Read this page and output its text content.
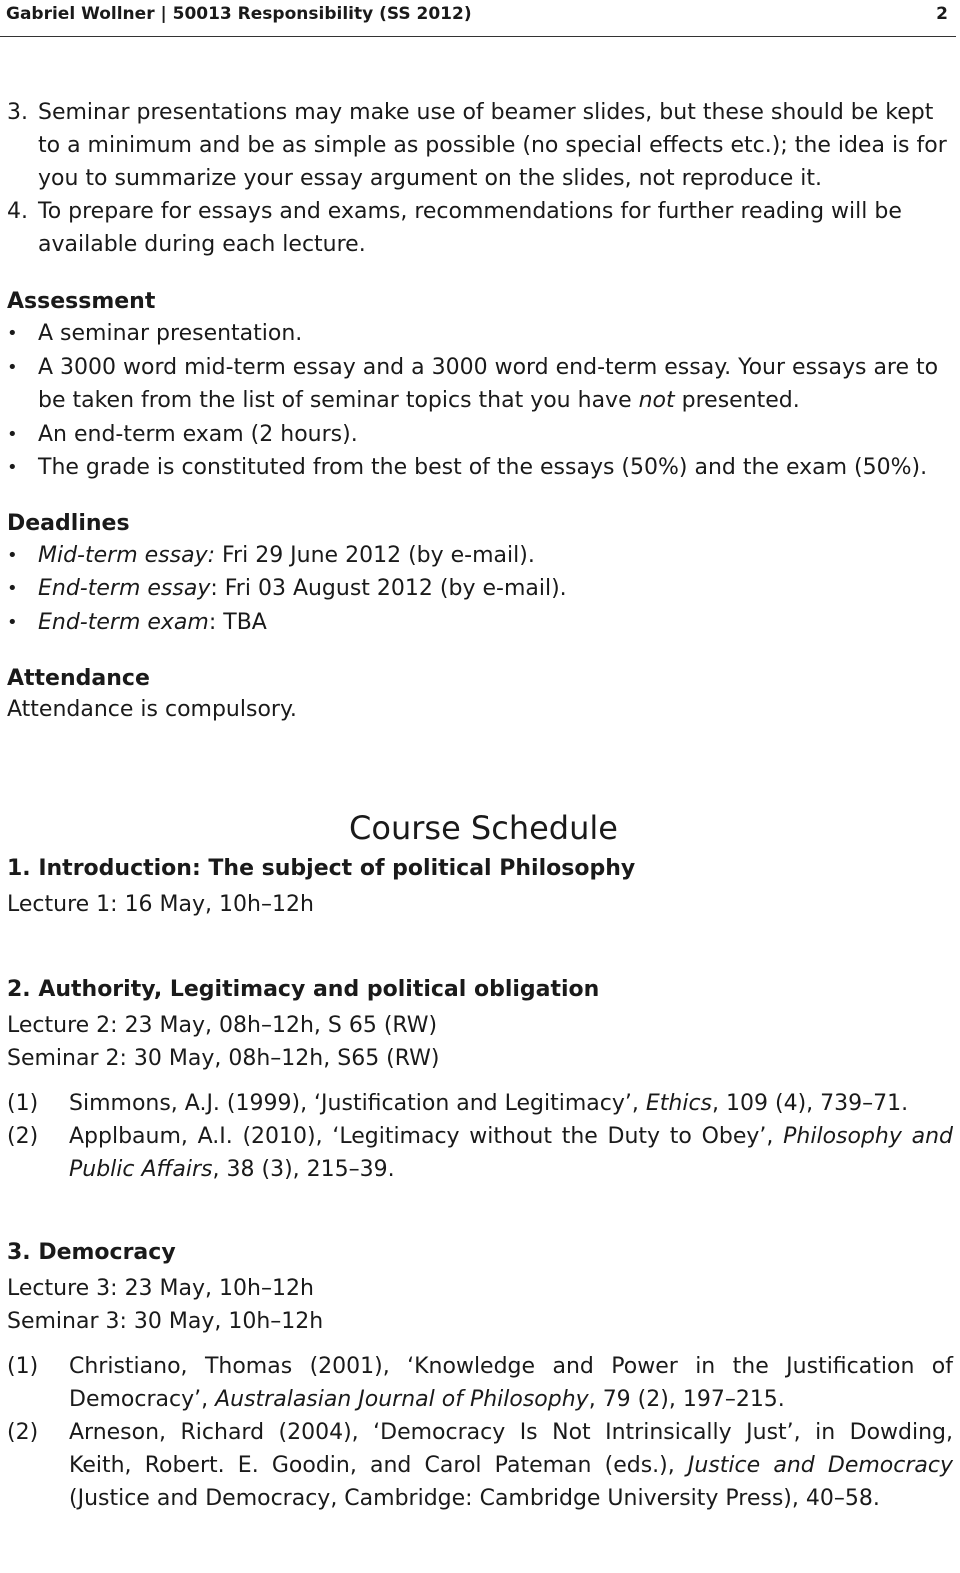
Gabriel Wollner | 50013 Responsibility (SS 2012)	2
3. Seminar presentations may make use of beamer slides, but these should be kept to a minimum and be as simple as possible (no special effects etc.); the idea is for you to summarize your essay argument on the slides, not reproduce it.
4. To prepare for essays and exams, recommendations for further reading will be available during each lecture.
Assessment
• A seminar presentation.
• A 3000 word mid-term essay and a 3000 word end-term essay. Your essays are to be taken from the list of seminar topics that you have not presented.
• An end-term exam (2 hours).
• The grade is constituted from the best of the essays (50%) and the exam (50%).
Deadlines
• Mid-term essay: Fri 29 June 2012 (by e-mail).
• End-term essay: Fri 03 August 2012 (by e-mail).
• End-term exam: TBA
Attendance
Attendance is compulsory.
Course Schedule
1. Introduction: The subject of political Philosophy
Lecture 1: 16 May, 10h–12h
2. Authority, Legitimacy and political obligation
Lecture 2: 23 May, 08h–12h, S 65 (RW)
Seminar 2: 30 May, 08h–12h, S65 (RW)
(1) Simmons, A.J. (1999), ‘Justification and Legitimacy’, Ethics, 109 (4), 739–71.
(2) Applbaum, A.I. (2010), ‘Legitimacy without the Duty to Obey’, Philosophy and Public Affairs, 38 (3), 215–39.
3. Democracy
Lecture 3: 23 May, 10h–12h
Seminar 3: 30 May, 10h–12h
(1) Christiano, Thomas (2001), ‘Knowledge and Power in the Justification of Democracy’, Australasian Journal of Philosophy, 79 (2), 197–215.
(2) Arneson, Richard (2004), ‘Democracy Is Not Intrinsically Just’, in Dowding, Keith, Robert. E. Goodin, and Carol Pateman (eds.), Justice and Democracy (Justice and Democracy, Cambridge: Cambridge University Press), 40–58.
